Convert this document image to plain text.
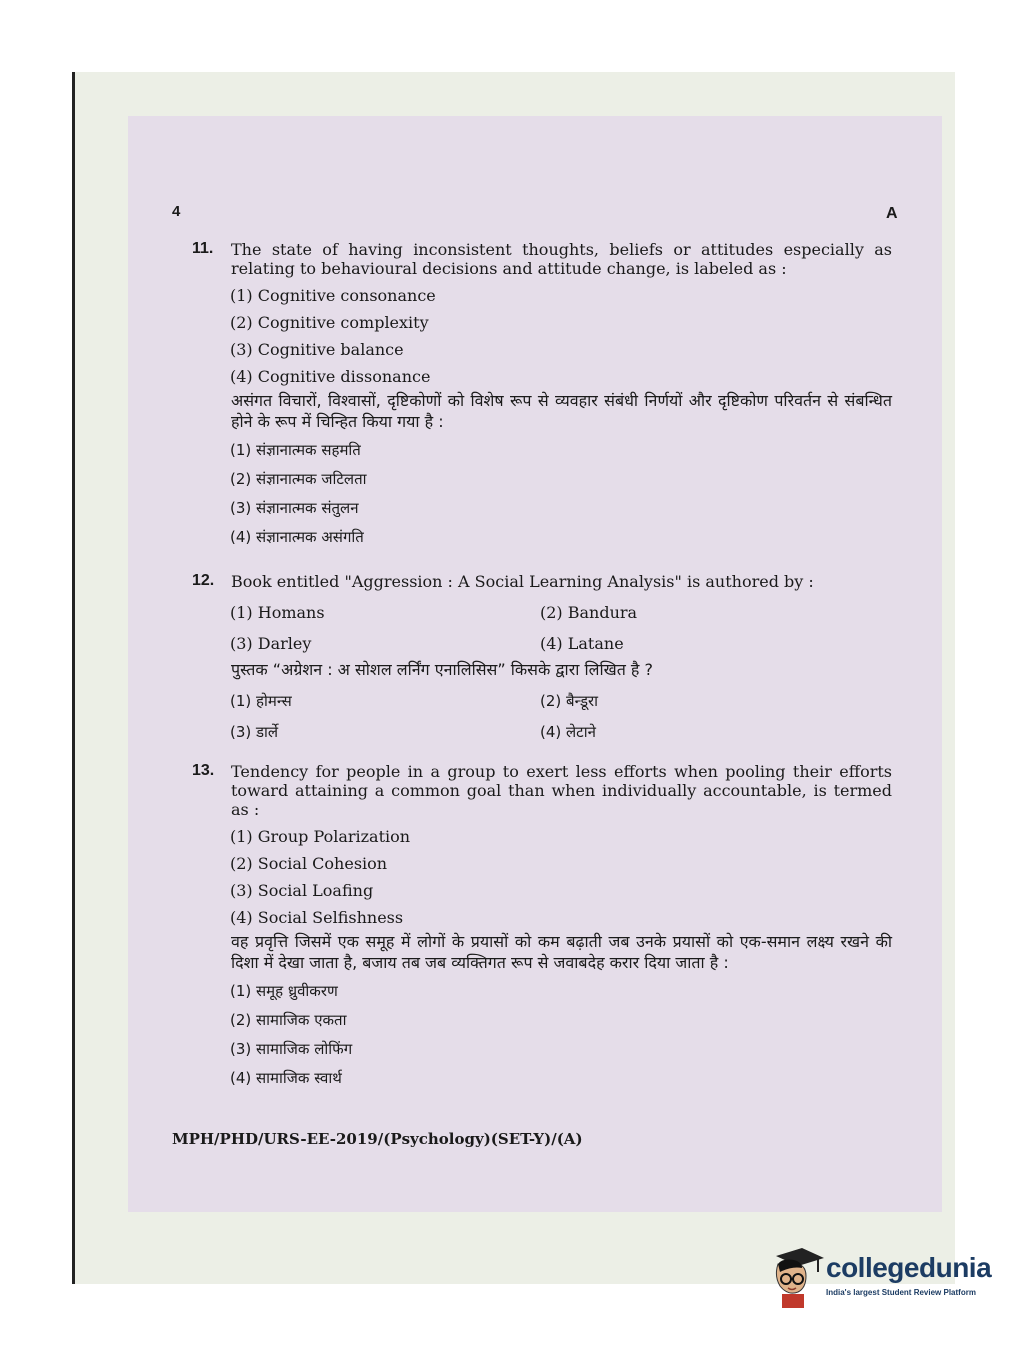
4	A
11. The state of having inconsistent thoughts, beliefs or attitudes especially as relating to behavioural decisions and attitude change, is labeled as :
(1) Cognitive consonance
(2) Cognitive complexity
(3) Cognitive balance
(4) Cognitive dissonance
असंगत विचारों, विश्वासों, दृष्टिकोणों को विशेष रूप से व्यवहार संबंधी निर्णयों और दृष्टिकोण परिवर्तन से संबन्धित होने के रूप में चिन्हित किया गया है :
(1) संज्ञानात्मक सहमति
(2) संज्ञानात्मक जटिलता
(3) संज्ञानात्मक संतुलन
(4) संज्ञानात्मक असंगति
12. Book entitled "Aggression : A Social Learning Analysis" is authored by :
(1) Homans	(2) Bandura
(3) Darley	(4) Latane
पुस्तक “अग्रेशन : अ सोशल लर्निंग एनालिसिस” किसके द्वारा लिखित है ?
(1) होमन्स	(2) बैन्डूरा
(3) डार्ले	(4) लेटाने
13. Tendency for people in a group to exert less efforts when pooling their efforts toward attaining a common goal than when individually accountable, is termed as :
(1) Group Polarization
(2) Social Cohesion
(3) Social Loafing
(4) Social Selfishness
वह प्रवृत्ति जिसमें एक समूह में लोगों के प्रयासों को कम बढ़ाती जब उनके प्रयासों को एक-समान लक्ष्य रखने की दिशा में देखा जाता है, बजाय तब जब व्यक्तिगत रूप से जवाबदेह करार दिया जाता है :
(1) समूह ध्रुवीकरण
(2) सामाजिक एकता
(3) सामाजिक लोफिंग
(4) सामाजिक स्वार्थ
MPH/PHD/URS-EE-2019/(Psychology)(SET-Y)/(A)
collegedunia
India's largest Student Review Platform
